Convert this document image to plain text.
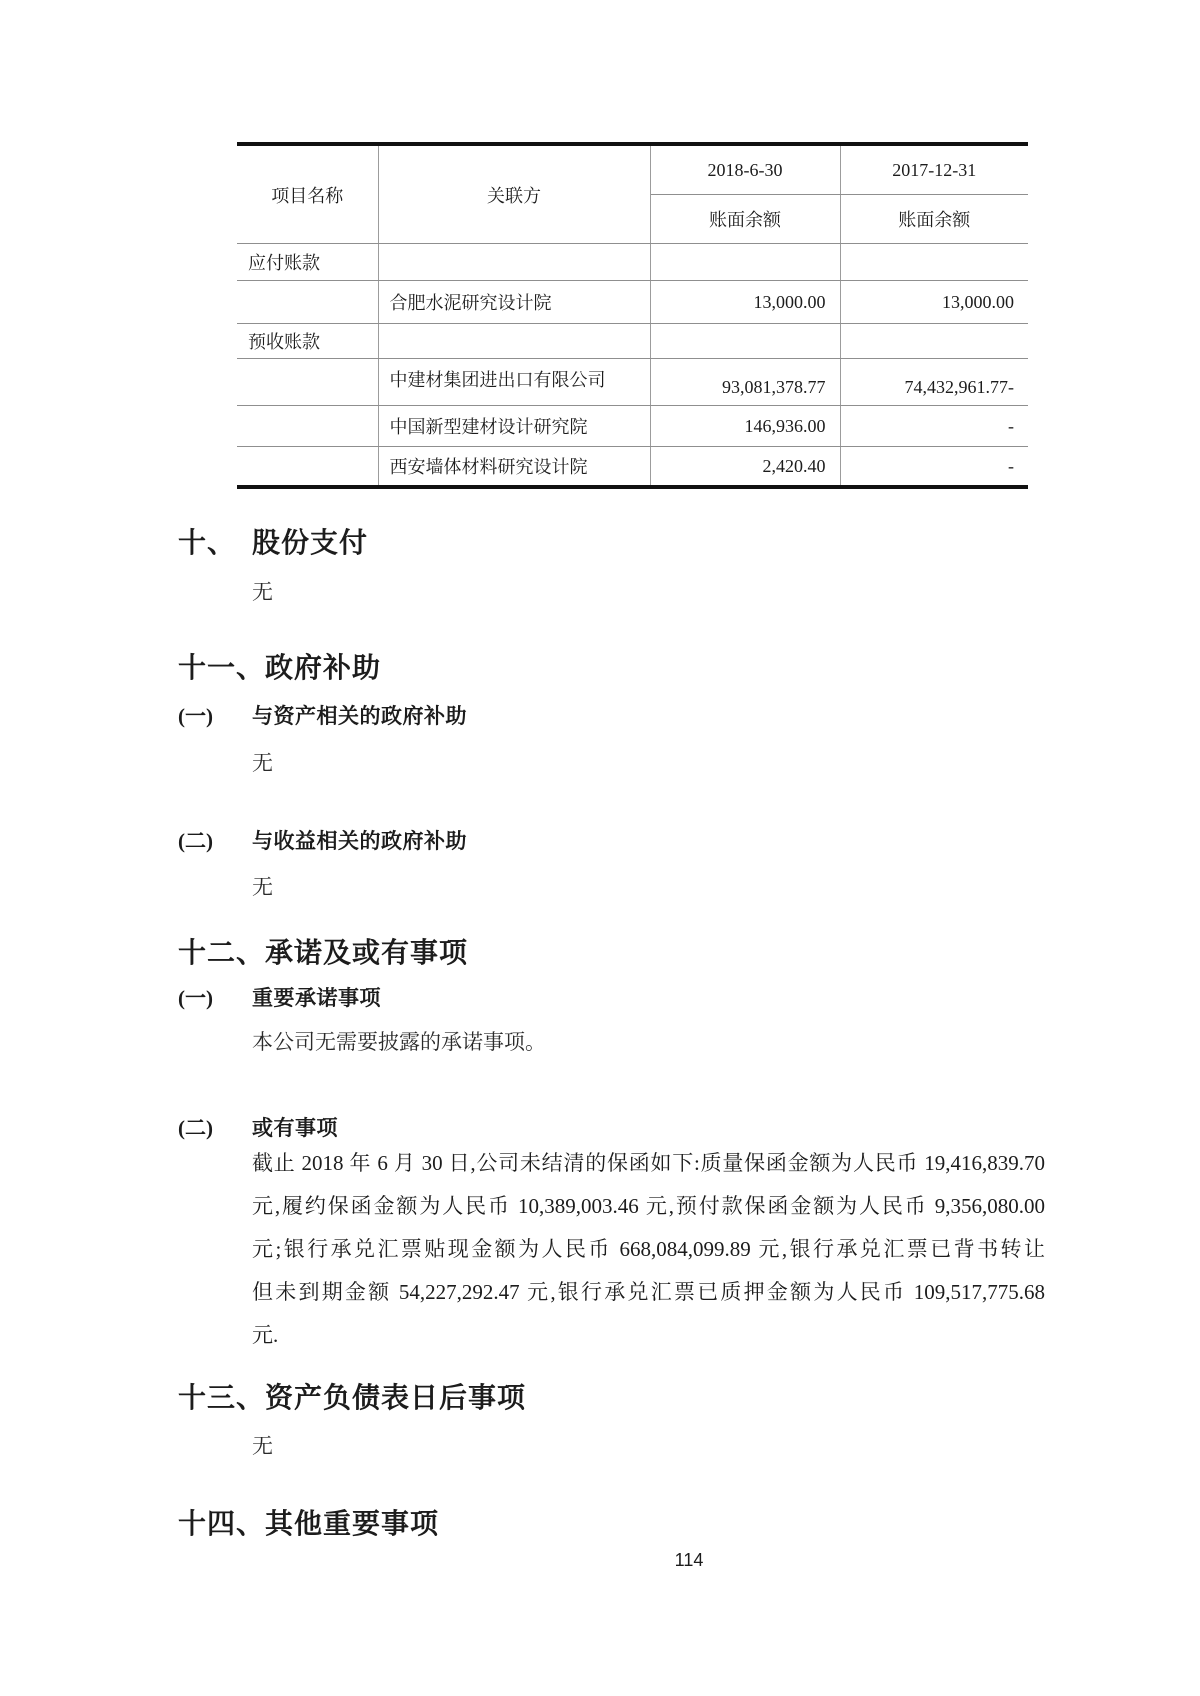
项目名称	关联方	2018-6-30	2017-12-31
		账面余额	账面余额
应付账款			
	合肥水泥研究设计院	13,000.00	13,000.00
预收账款			
	中建材集团进出口有限公司	93,081,378.77	74,432,961.77-
	中国新型建材设计研究院	146,936.00	-
	西安墙体材料研究设计院	2,420.40	-
十、 股份支付
无
十一、政府补助
(一) 与资产相关的政府补助
无
(二) 与收益相关的政府补助
无
十二、承诺及或有事项
(一) 重要承诺事项
本公司无需要披露的承诺事项。
(二) 或有事项
截止 2018 年 6 月 30 日,公司未结清的保函如下:质量保函金额为人民币 19,416,839.70
元,履约保函金额为人民币 10,389,003.46 元,预付款保函金额为人民币 9,356,080.00
元;银行承兑汇票贴现金额为人民币 668,084,099.89 元,银行承兑汇票已背书转让
但未到期金额 54,227,292.47 元,银行承兑汇票已质押金额为人民币 109,517,775.68
元.
十三、资产负债表日后事项
无
十四、其他重要事项
114
